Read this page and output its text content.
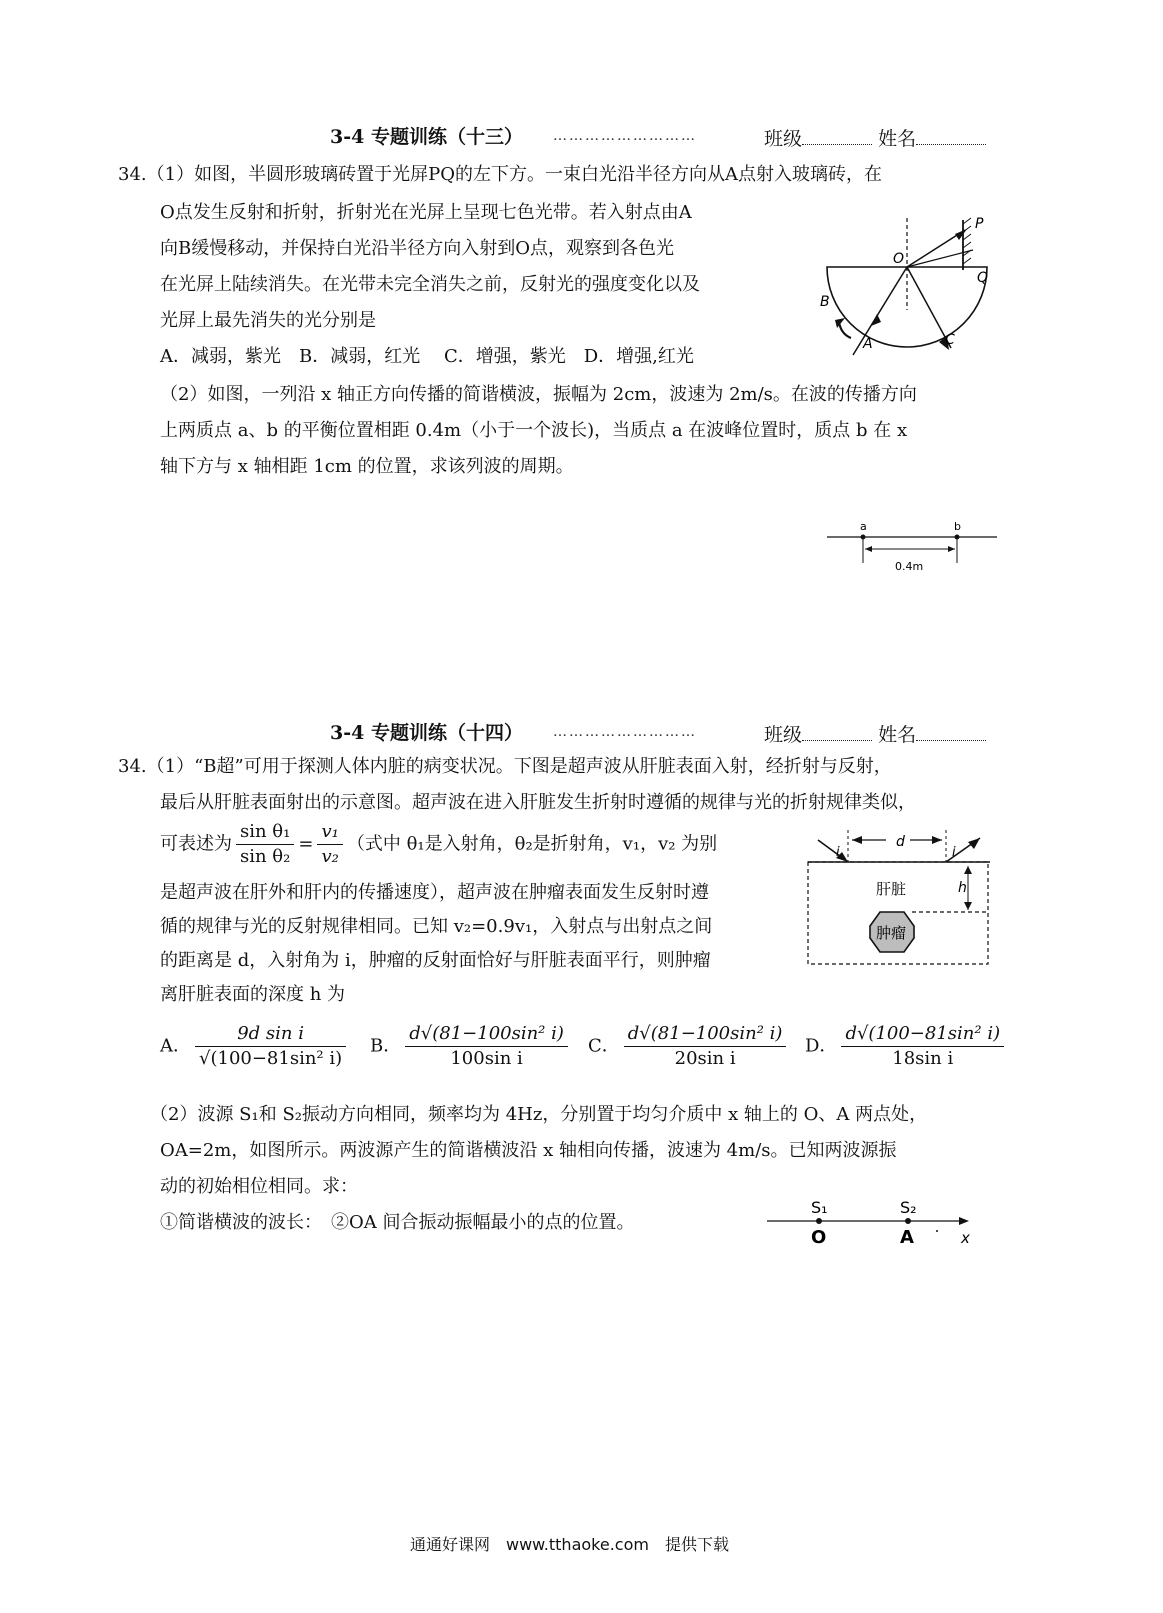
3-4 专题训练（十三） ………………………	班级	姓名
34.（1）如图，半圆形玻璃砖置于光屏PQ的左下方。一束白光沿半径方向从A点射入玻璃砖，在
O点发生反射和折射，折射光在光屏上呈现七色光带。若入射点由A
向B缓慢移动，并保持白光沿半径方向入射到O点，观察到各色光
在光屏上陆续消失。在光带未完全消失之前，反射光的强度变化以及
光屏上最先消失的光分别是
A．减弱，紫光　B．减弱，红光　 C．增强，紫光　D．增强,红光
（2）如图，一列沿 x 轴正方向传播的简谐横波，振幅为 2cm，波速为 2m/s。在波的传播方向
上两质点 a、b 的平衡位置相距 0.4m（小于一个波长)，当质点 a 在波峰位置时，质点 b 在 x
轴下方与 x 轴相距 1cm 的位置，求该列波的周期。
P
Q
O
B
A	C
a	b
0.4m
3-4 专题训练（十四） ………………………	班级	姓名
34.（1）“B超”可用于探测人体内脏的病变状况。下图是超声波从肝脏表面入射，经折射与反射，
最后从肝脏表面射出的示意图。超声波在进入肝脏发生折射时遵循的规律与光的折射规律类似，
可表述为 $\frac{\text{sin θ₁}}{\text{sin θ₂}} = \frac{\text{v₁}}{\text{v₂}}$ （式中 θ₁是入射角，θ₂是折射角，v₁，v₂ 为别
是超声波在肝外和肝内的传播速度），超声波在肿瘤表面发生反射时遵
循的规律与光的反射规律相同。已知 v₂=0.9v₁，入射点与出射点之间
的距离是 d，入射角为 i，肿瘤的反射面恰好与肝脏表面平行，则肿瘤
离肝脏表面的深度 h 为
A． $\frac{\text{9d sin i}}{\text{√(100−81sin² i)}}$ B． $\frac{\text{d√(81−100sin² i)}}{\text{100sin i}}$ C． $\frac{\text{d√(81−100sin² i)}}{\text{20sin i}}$ D． $\frac{\text{d√(100−81sin² i)}}{\text{18sin i}}$
（2）波源 S₁和 S₂振动方向相同，频率均为 4Hz，分别置于均匀介质中 x 轴上的 O、A 两点处，
OA=2m，如图所示。两波源产生的简谐横波沿 x 轴相向传播，波速为 4m/s。已知两波源振
动的初始相位相同。求：
①简谐横波的波长：　②OA 间合振动振幅最小的点的位置。
d
i	i
h
肝脏
肿瘤
S₁	S₂
O	A	x
通通好课网　www.tthaoke.com　提供下载
